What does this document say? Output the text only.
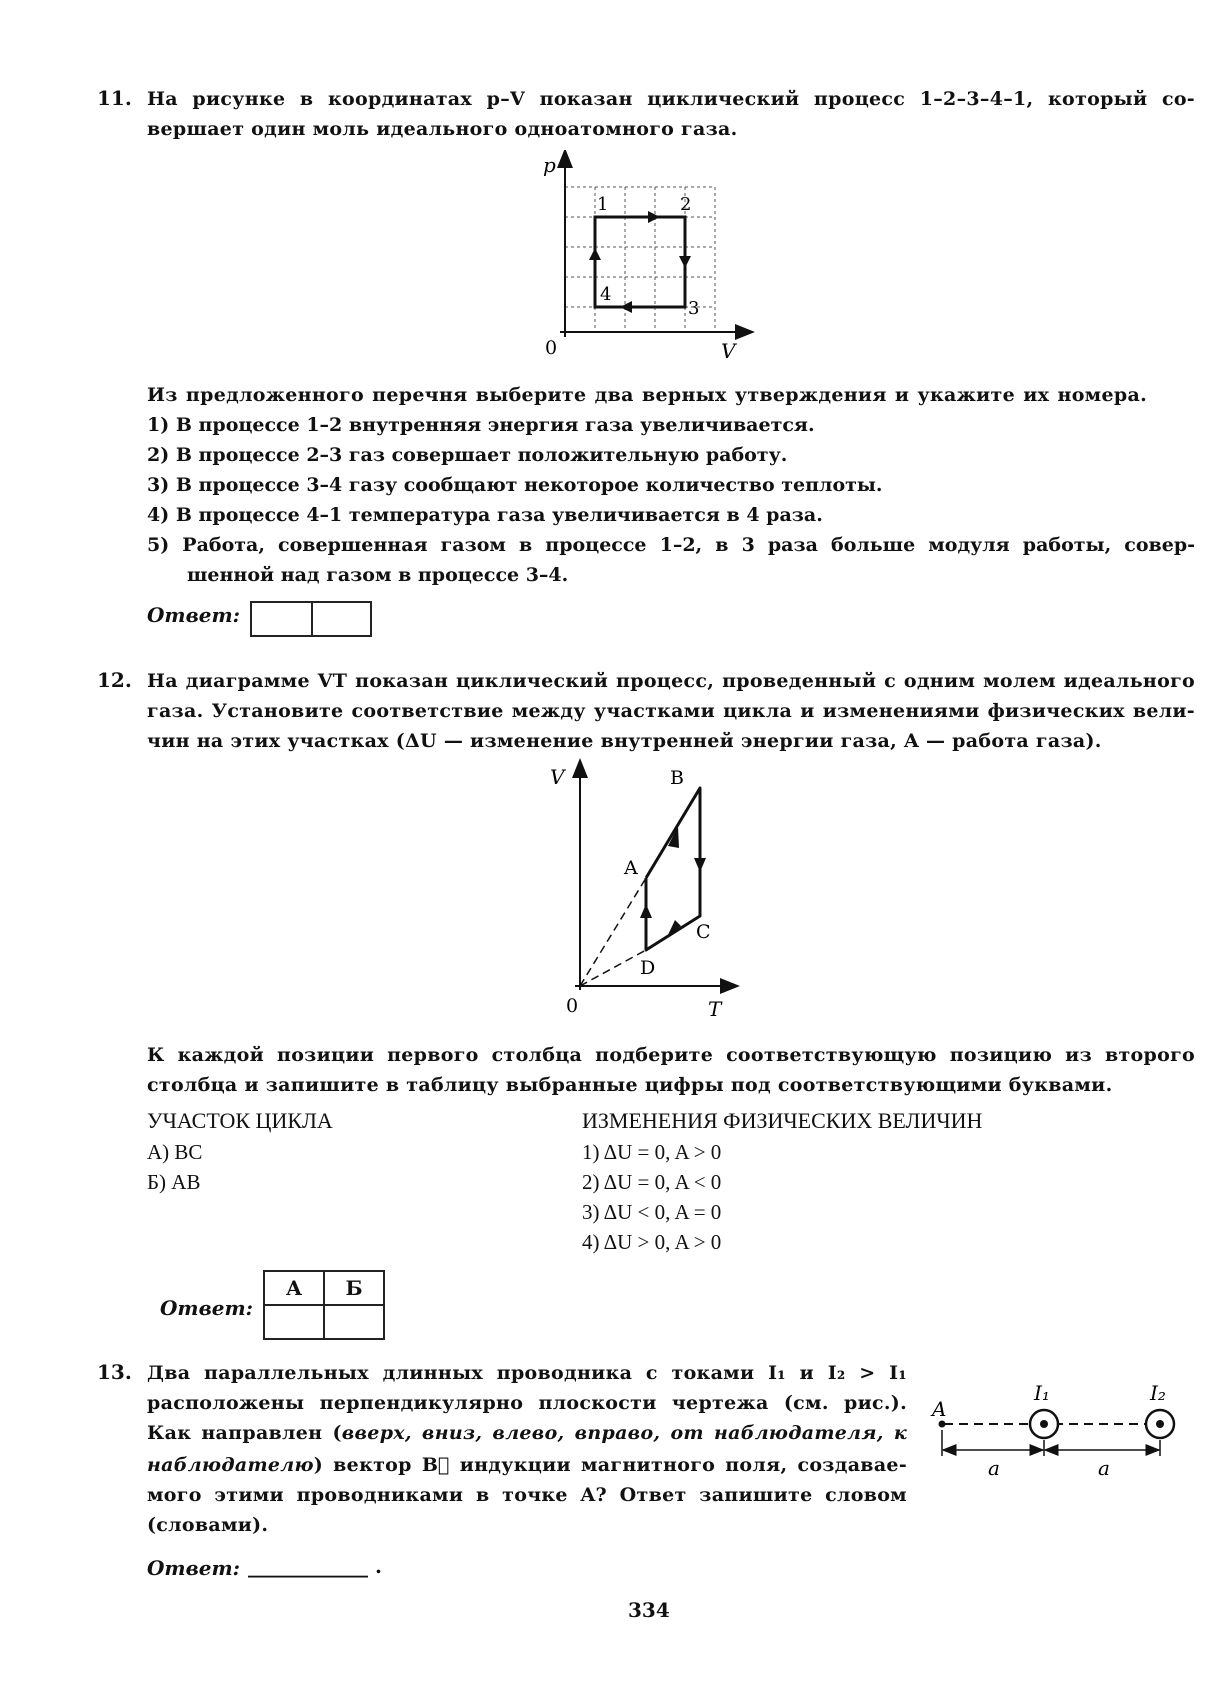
11. На рисунке в координатах p–V показан циклический процесс 1–2–3–4–1, который со-
вершает один моль идеального одноатомного газа.
p
V
0
1	2
3
4
Из предложенного перечня выберите два верных утверждения и укажите их номера.
1) В процессе 1–2 внутренняя энергия газа увеличивается.
2) В процессе 2–3 газ совершает положительную работу.
3) В процессе 3–4 газу сообщают некоторое количество теплоты.
4) В процессе 4–1 температура газа увеличивается в 4 раза.
5) Работа, совершенная газом в процессе 1–2, в 3 раза больше модуля работы, совер-
шенной над газом в процессе 3–4.
Ответ:
12. На диаграмме VT показан циклический процесс, проведенный с одним молем идеального
газа. Установите соответствие между участками цикла и изменениями физических вели-
чин на этих участках (ΔU — изменение внутренней энергии газа, A — работа газа).
V
T
0
A
B
C
D
К каждой позиции первого столбца подберите соответствующую позицию из второго
столбца и запишите в таблицу выбранные цифры под соответствующими буквами.
УЧАСТОК ЦИКЛА
А) BC
Б) AB
ИЗМЕНЕНИЯ ФИЗИЧЕСКИХ ВЕЛИЧИН
1) ΔU = 0, A > 0
2) ΔU = 0, A < 0
3) ΔU < 0, A = 0
4) ΔU > 0, A > 0
Ответ:
А	Б

13. Два параллельных длинных проводника с токами I₁ и I₂ > I₁
расположены перпендикулярно плоскости чертежа (см. рис.).
Как направлен (вверх, вниз, влево, вправо, от наблюдателя, к
наблюдателю) вектор B⃗ индукции магнитного поля, создавае-
мого этими проводниками в точке A? Ответ запишите словом
(словами).
A
I₁	I₂
a	a
Ответ: ____________ .
334
